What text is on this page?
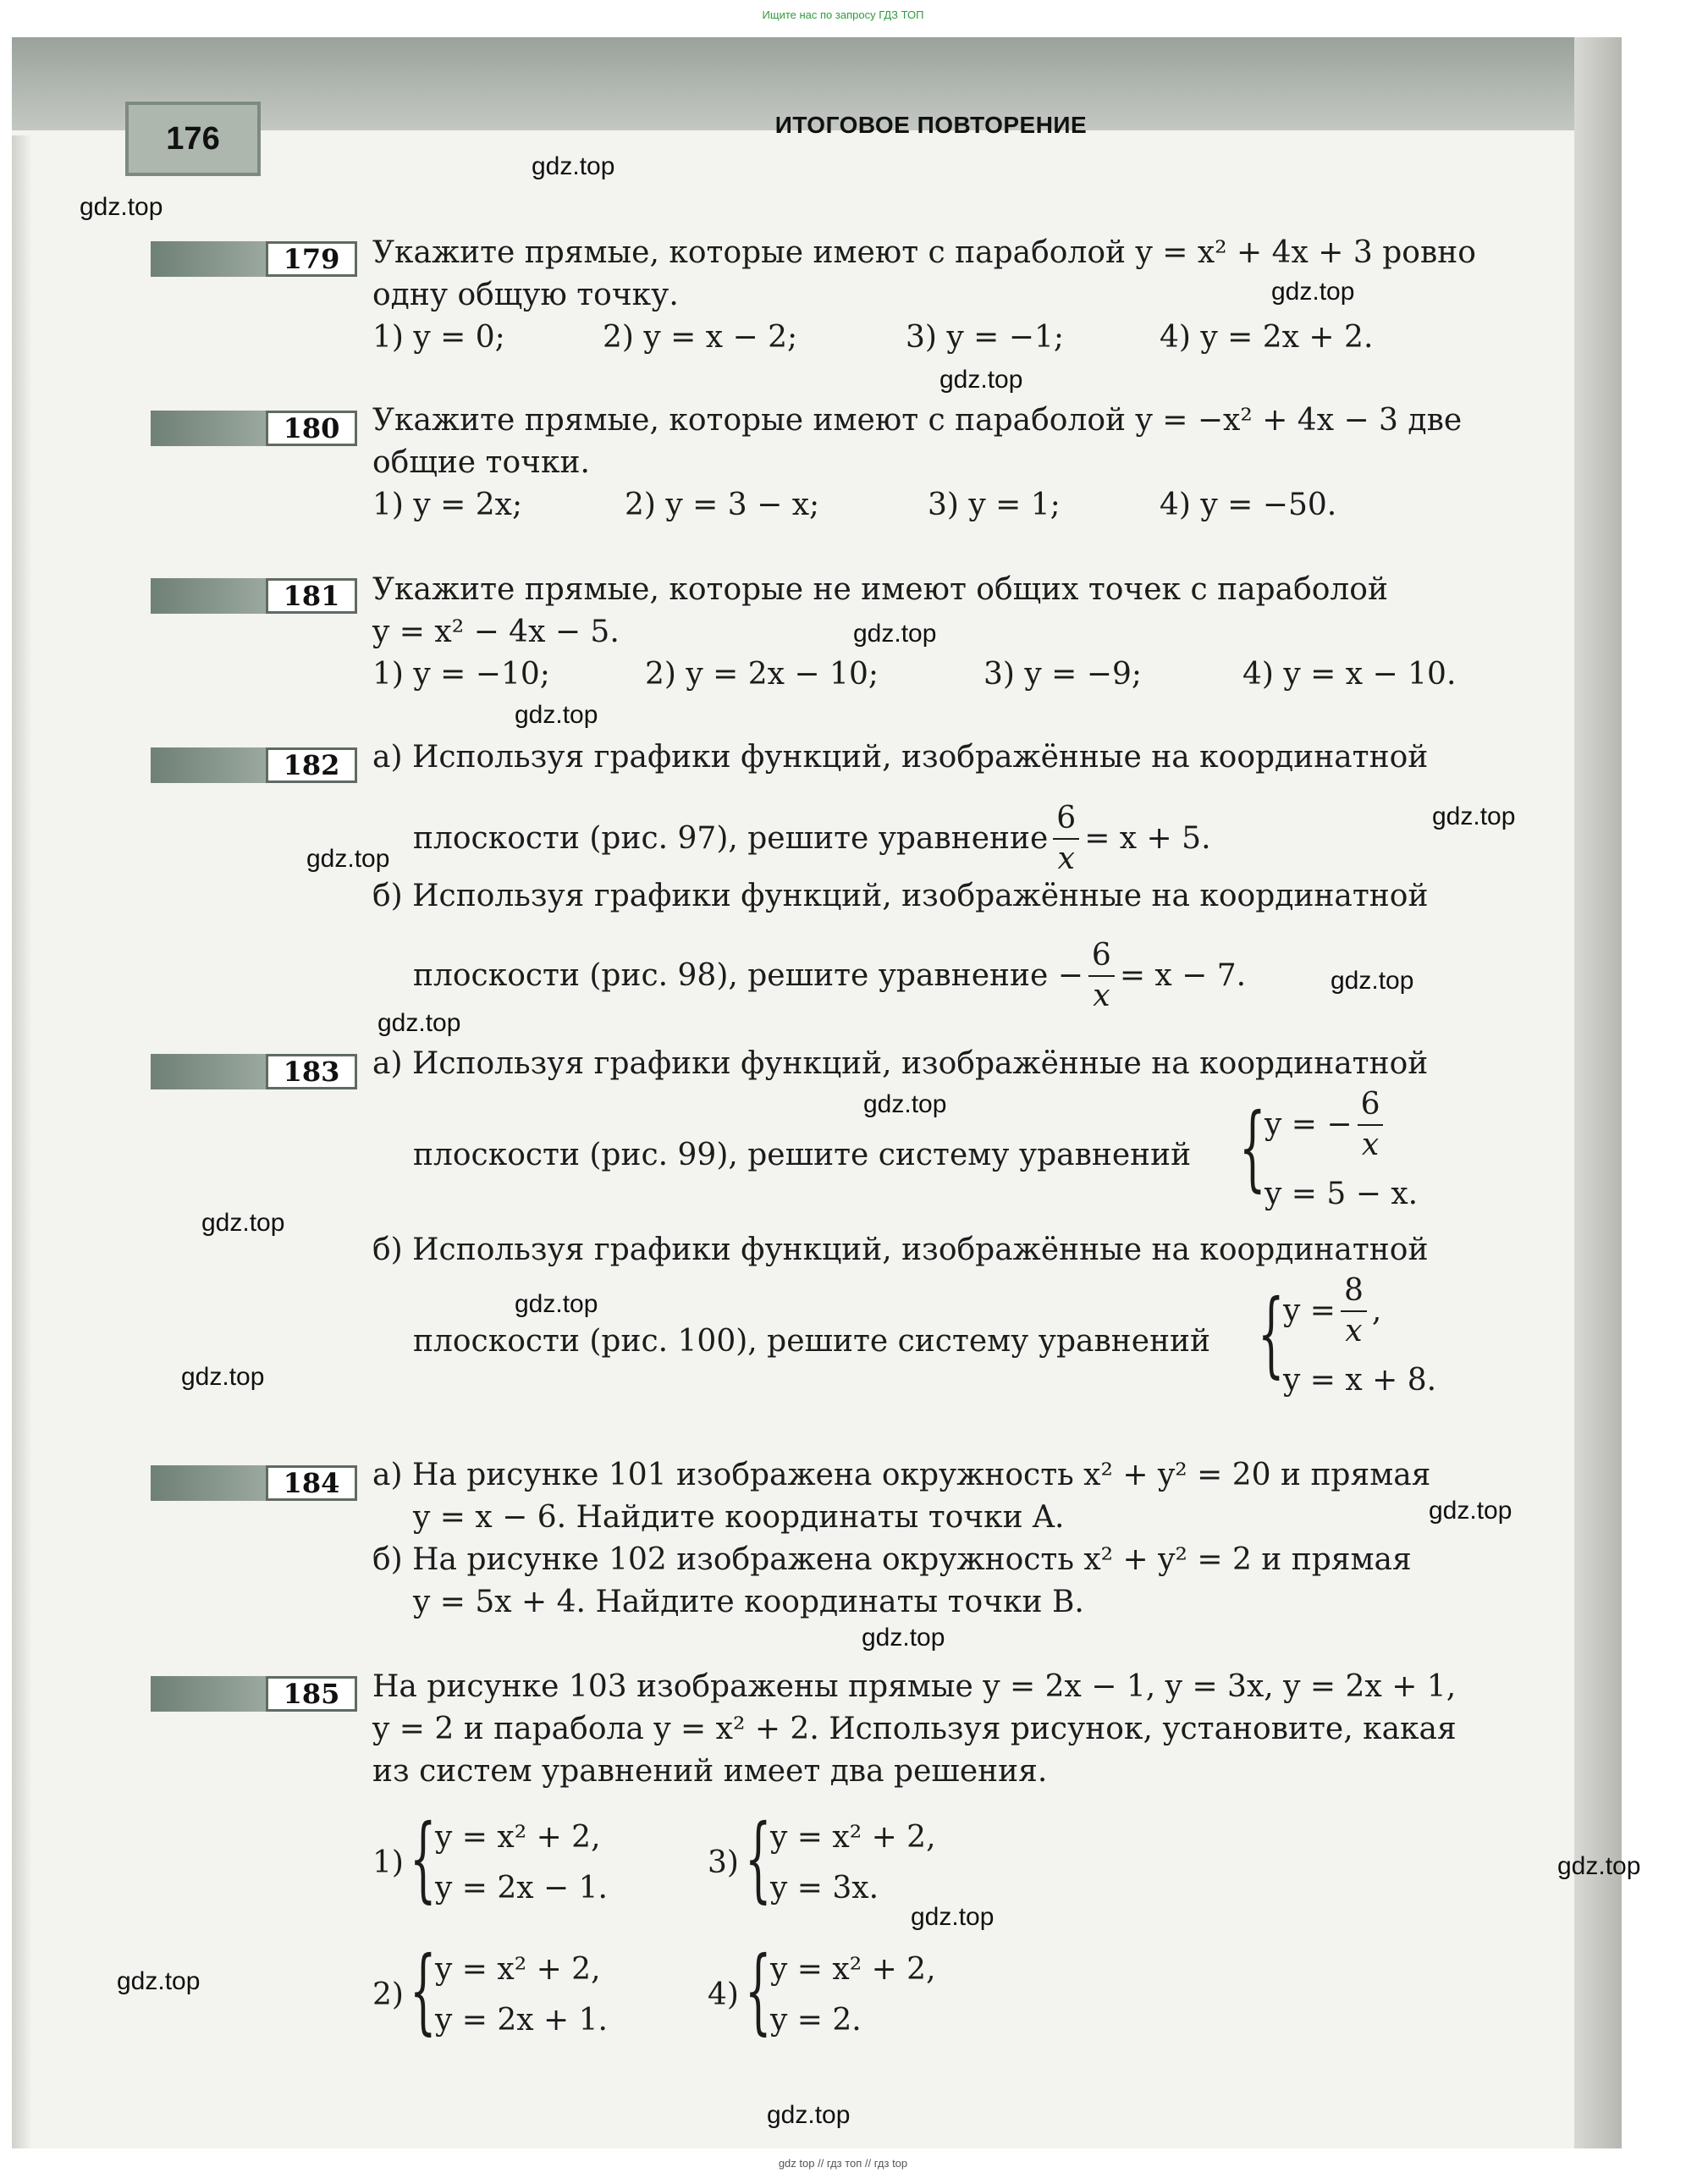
Ищите нас по запросу ГДЗ ТОП
176	ИТОГОВОЕ ПОВТОРЕНИЕ
gdz.top
gdz.top
gdz.top
gdz.top
gdz.top
gdz.top
gdz.top
gdz.top
gdz.top
gdz.top
gdz.top
gdz.top
gdz.top
gdz.top
gdz.top
gdz.top
gdz.top
gdz.top
gdz.top
gdz.top
179	Укажите прямые, которые имеют с параболой y = x² + 4x + 3 ровно
одну общую точку.
1) y = 0;	2) y = x − 2;	3) y = −1;	4) y = 2x + 2.
180	Укажите прямые, которые имеют с параболой y = −x² + 4x − 3 две
общие точки.
1) y = 2x;	2) y = 3 − x;	3) y = 1;	4) y = −50.
181	Укажите прямые, которые не имеют общих точек с параболой
y = x² − 4x − 5.
1) y = −10;	2) y = 2x − 10;	3) y = −9;	4) y = x − 10.
182	а) Используя графики функций, изображённые на координатной
плоскости (рис. 97), решите уравнение $\frac{6}{x} = x + 5$.
б) Используя графики функций, изображённые на координатной
плоскости (рис. 98), решите уравнение − $\frac{6}{x} = x - 7$.
183	а) Используя графики функций, изображённые на координатной
плоскости (рис. 99), решите систему уравнений {
y = − $\frac{6}{x}$
y = 5 − x.
б) Используя графики функций, изображённые на координатной
плоскости (рис. 100), решите систему уравнений {
$y = \frac{8}{x}$ ,
y = x + 8.
184	а) На рисунке 101 изображена окружность x² + y² = 20 и прямая
y = x − 6. Найдите координаты точки A.
б) На рисунке 102 изображена окружность x² + y² = 2 и прямая
y = 5x + 4. Найдите координаты точки B.
185	На рисунке 103 изображены прямые y = 2x − 1, y = 3x, y = 2x + 1,
y = 2 и парабола y = x² + 2. Используя рисунок, установите, какая
из систем уравнений имеет два решения.
1) {
y = x² + 2,
y = 2x − 1.
3) {
y = x² + 2,
y = 3x.
2) {
y = x² + 2,
y = 2x + 1.
4) {
y = x² + 2,
y = 2.
gdz top // гдз топ // гдз top
